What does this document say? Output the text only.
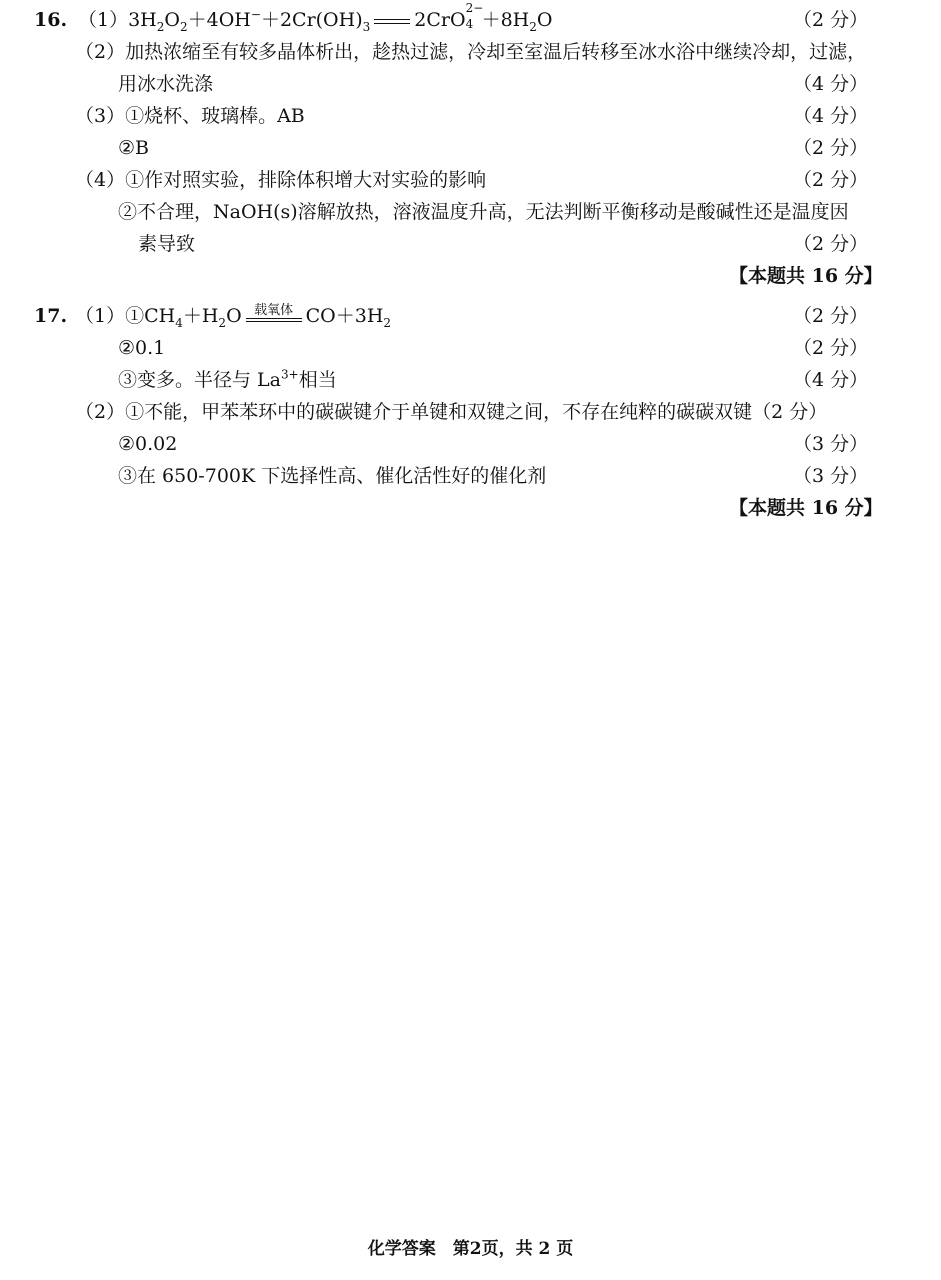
16. $(1)3H_2O_2+4OH^-+2Cr(OH)_3$ 2CrO
2−
$4 +8H_2O$	（2 分）
（2）加热浓缩至有较多晶体析出，趁热过滤，冷却至室温后转移至冰水浴中继续冷却，过滤，
用冰水洗涤	（4 分）
（3）①烧杯、玻璃棒。AB	（4 分）
②B	（2 分）
（4）①作对照实验，排除体积增大对实验的影响	（2 分）
②不合理，NaOH(s)溶解放热，溶液温度升高，无法判断平衡移动是酸碱性还是温度因
素导致	（2 分）
【本题共 16 分】
17. $(1)①CH_4+H_2O$ 载氧体 $CO+3H_2$	（2 分）
②0.1	（2 分）
③变多。半径与 $La^{3+}$相当	（4 分）
（2）①不能，甲苯苯环中的碳碳键介于单键和双键之间，不存在纯粹的碳碳双键（2 分）
②0.02	（3 分）
③在 650-700K 下选择性高、催化活性好的催化剂	（3 分）
【本题共 16 分】
化学答案　第2页，共 2 页
